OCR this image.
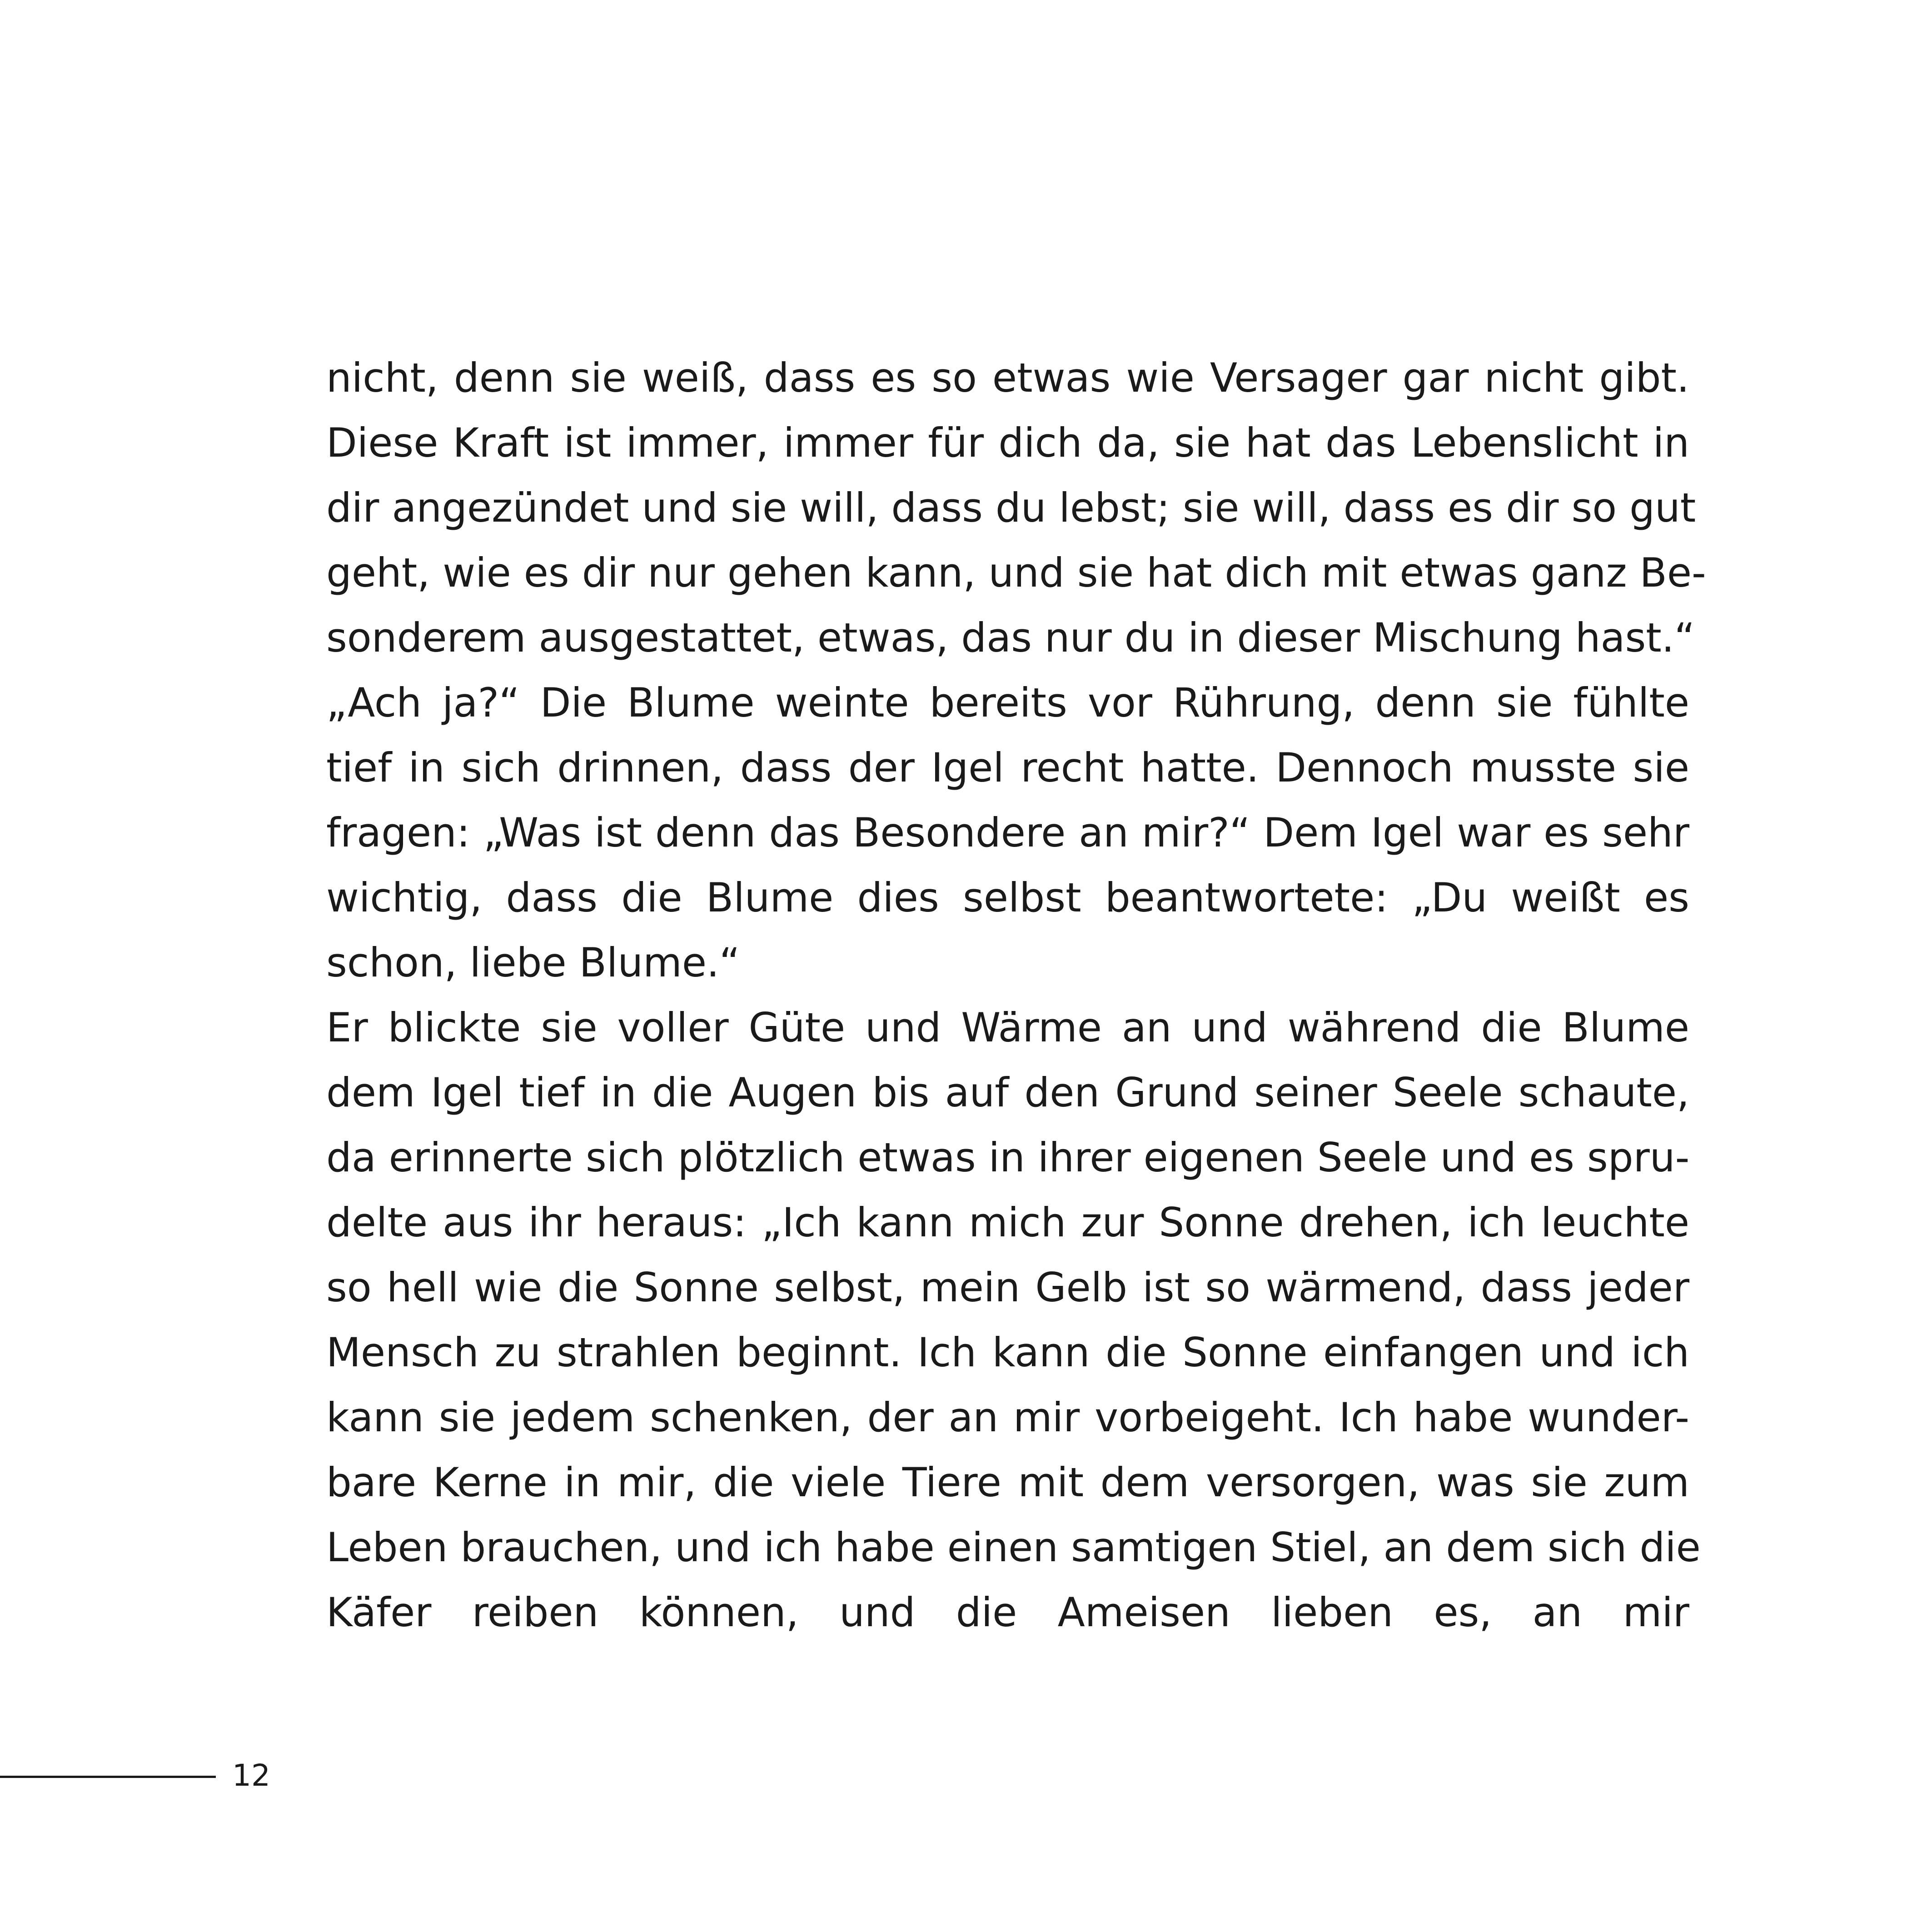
nicht, denn sie weiß, dass es so etwas wie Versager gar nicht gibt.
Diese Kraft ist immer, immer für dich da, sie hat das Lebenslicht in
dir angezündet und sie will, dass du lebst; sie will, dass es dir so gut
geht, wie es dir nur gehen kann, und sie hat dich mit etwas ganz Be-
sonderem ausgestattet, etwas, das nur du in dieser Mischung hast.“
„Ach ja?“ Die Blume weinte bereits vor Rührung, denn sie fühlte
tief in sich drinnen, dass der Igel recht hatte. Dennoch musste sie
fragen: „Was ist denn das Besondere an mir?“ Dem Igel war es sehr
wichtig, dass die Blume dies selbst beantwortete: „Du weißt es
schon, liebe Blume.“
Er blickte sie voller Güte und Wärme an und während die Blume
dem Igel tief in die Augen bis auf den Grund seiner Seele schaute,
da erinnerte sich plötzlich etwas in ihrer eigenen Seele und es spru-
delte aus ihr heraus: „Ich kann mich zur Sonne drehen, ich leuchte
so hell wie die Sonne selbst, mein Gelb ist so wärmend, dass jeder
Mensch zu strahlen beginnt. Ich kann die Sonne einfangen und ich
kann sie jedem schenken, der an mir vorbeigeht. Ich habe wunder-
bare Kerne in mir, die viele Tiere mit dem versorgen, was sie zum
Leben brauchen, und ich habe einen samtigen Stiel, an dem sich die
Käfer reiben können, und die Ameisen lieben es, an mir
12
